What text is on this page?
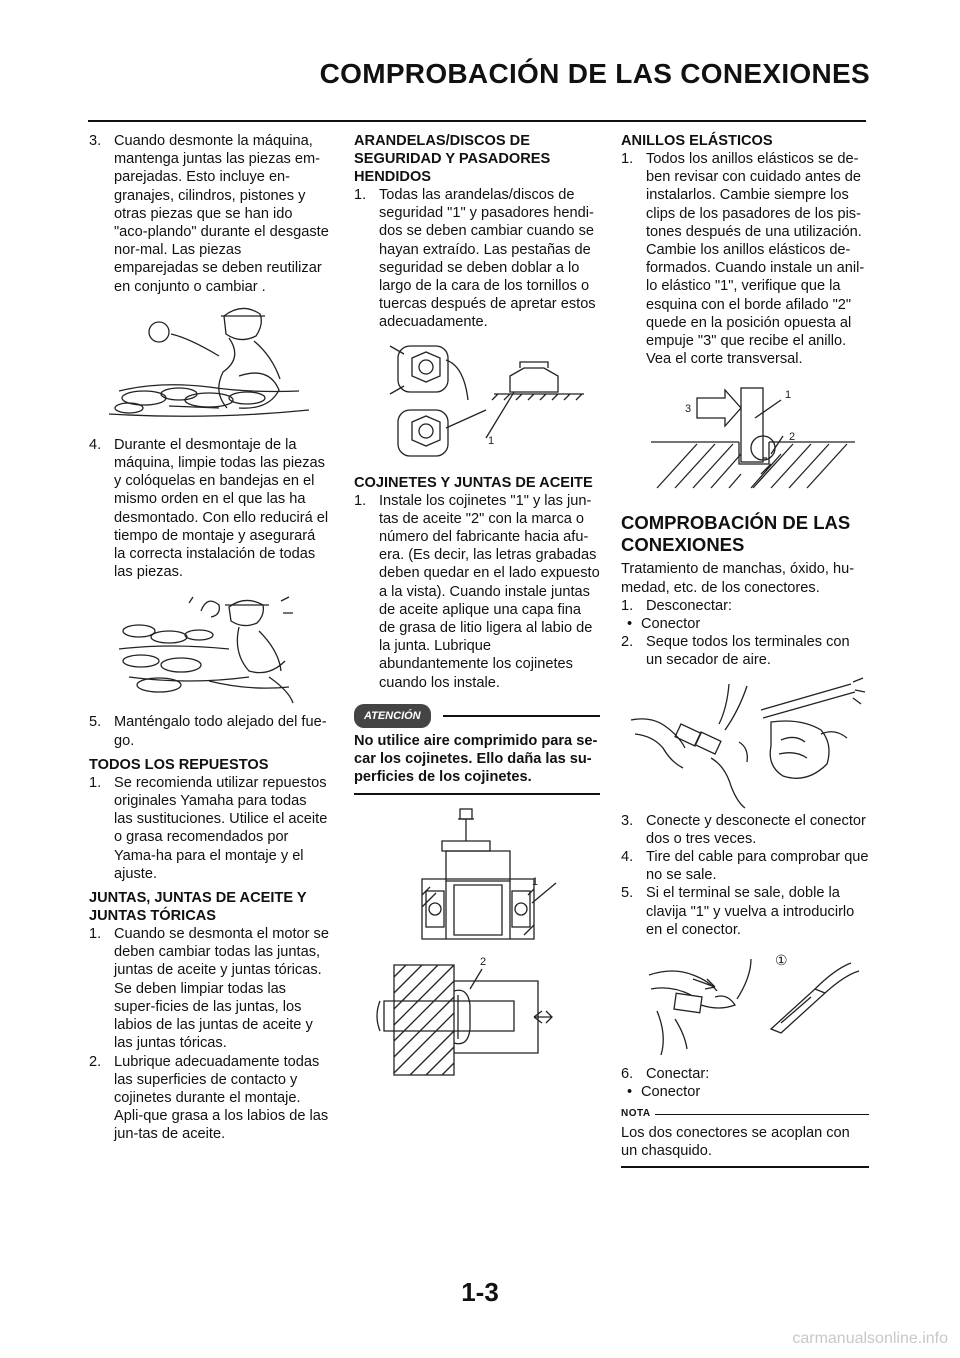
COMPROBACIÓN DE LAS CONEXIONES
3. Cuando desmonte la máquina, mantenga juntas las piezas em-parejadas. Esto incluye en-granajes, cilindros, pistones y otras piezas que se han ido "aco-plando" durante el desgaste nor-mal. Las piezas emparejadas se deben reutilizar en conjunto o cambiar .
4. Durante el desmontaje de la máquina, limpie todas las piezas y colóquelas en bandejas en el mismo orden en el que las ha desmontado. Con ello reducirá el tiempo de montaje y asegurará la correcta instalación de todas las piezas.
5. Manténgalo todo alejado del fue-go.
TODOS LOS REPUESTOS
1. Se recomienda utilizar repuestos originales Yamaha para todas las sustituciones. Utilice el aceite o grasa recomendados por Yama-ha para el montaje y el ajuste.
JUNTAS, JUNTAS DE ACEITE Y JUNTAS TÓRICAS
1. Cuando se desmonta el motor se deben cambiar todas las juntas, juntas de aceite y juntas tóricas. Se deben limpiar todas las super-ficies de las juntas, los labios de las juntas de aceite y las juntas tóricas.
2. Lubrique adecuadamente todas las superficies de contacto y cojinetes durante el montaje. Apli-que grasa a los labios de las jun-tas de aceite.
ARANDELAS/DISCOS DE SEGURIDAD Y PASADORES HENDIDOS
1. Todas las arandelas/discos de seguridad "1" y pasadores hendi-dos se deben cambiar cuando se hayan extraído. Las pestañas de seguridad se deben doblar a lo largo de la cara de los tornillos o tuercas después de apretar estos adecuadamente.
1
COJINETES Y JUNTAS DE ACEITE
1. Instale los cojinetes "1" y las jun-tas de aceite "2" con la marca o número del fabricante hacia afu-era. (Es decir, las letras grabadas deben quedar en el lado expuesto a la vista). Cuando instale juntas de aceite aplique una capa fina de grasa de litio ligera al labio de la junta. Lubrique abundantemente los cojinetes cuando los instale.
ATENCIÓN
No utilice aire comprimido para se-car los cojinetes. Ello daña las su-perficies de los cojinetes.
1
2
ANILLOS ELÁSTICOS
1. Todos los anillos elásticos se de-ben revisar con cuidado antes de instalarlos. Cambie siempre los clips de los pasadores de los pis-tones después de una utilización. Cambie los anillos elásticos de-formados. Cuando instale un anil-lo elástico "1", verifique que la esquina con el borde afilado "2" quede en la posición opuesta al empuje "3" que recibe el anillo. Vea el corte transversal.
1
2
3
COMPROBACIÓN DE LAS CONEXIONES
Tratamiento de manchas, óxido, hu-medad, etc. de los conectores.
1. Desconectar:
• Conector
2. Seque todos los terminales con un secador de aire.
3. Conecte y desconecte el conector dos o tres veces.
4. Tire del cable para comprobar que no se sale.
5. Si el terminal se sale, doble la clavija "1" y vuelva a introducirlo en el conector.
①
6. Conectar:
• Conector
NOTA
Los dos conectores se acoplan con un chasquido.
1-3
carmanualsonline.info
